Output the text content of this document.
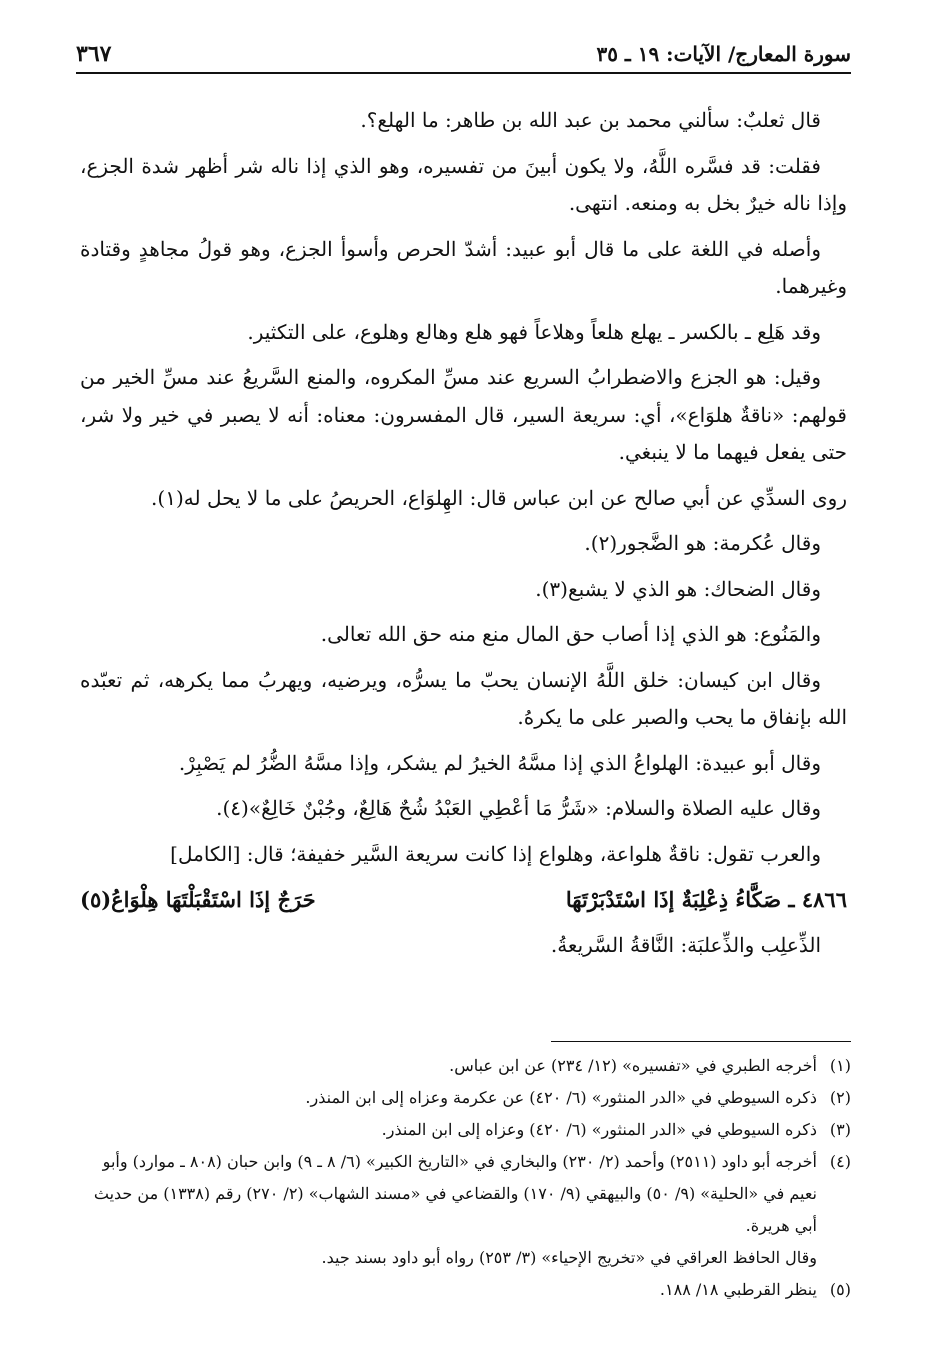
سورة المعارج/ الآيات: ١٩ ـ ٣٥
٣٦٧

قال ثعلبٌ: سألني محمد بن عبد الله بن طاهر: ما الهلع؟.

فقلت: قد فسَّره اللَّهُ، ولا يكون أبينَ من تفسيره، وهو الذي إذا ناله شر أظهر شدة الجزع، وإذا ناله خيرٌ بخل به ومنعه. انتهى.

وأصله في اللغة على ما قال أبو عبيد: أشدّ الحرص وأسوأ الجزع، وهو قولُ مجاهدٍ وقتادة وغيرهما.

وقد هَلِع ـ بالكسر ـ يهلع هلعاً وهلاعاً فهو هلع وهالع وهلوع، على التكثير.

وقيل: هو الجزع والاضطرابُ السريع عند مسِّ المكروه، والمنع السَّريعُ عند مسِّ الخير من قولهم: «ناقةٌ هلوَاع»، أي: سريعة السير، قال المفسرون: معناه: أنه لا يصبر في خير ولا شر، حتى يفعل فيهما ما لا ينبغي.

روى السدِّي عن أبي صالح عن ابن عباس قال: الهِلوَاع، الحريصُ على ما لا يحل له(١).

وقال عُكرمة: هو الضَّجور(٢).

وقال الضحاك: هو الذي لا يشبع(٣).

والمَنُوع: هو الذي إذا أصاب حق المال منع منه حق الله تعالى.

وقال ابن كيسان: خلق اللَّهُ الإنسان يحبّ ما يسرُّه، ويرضيه، ويهربُ مما يكرهه، ثم تعبّده الله بإنفاق ما يحب والصبر على ما يكرهُ.

وقال أبو عبيدة: الهلواعُ الذي إذا مسَّهُ الخيرُ لم يشكر، وإذا مسَّهُ الضُّرُ لم يَصْبِرْ.

وقال عليه الصلاة والسلام: «شَرُّ مَا أعْطِي العَبْدُ شُحٌ هَالِعٌ، وجُبْنٌ خَالِعٌ»(٤).

والعرب تقول: ناقةٌ هلواعة، وهلواع إذا كانت سريعة السَّير خفيفة؛ قال: [الكامل]

٤٨٦٦ ـ صَكَّاءُ ذِعْلِبَةٌ إذَا اسْتَدْبَرْتَهَا
حَرَجٌ إذَا اسْتَقْبَلْتَهَا هِلْوَاعُ(٥)

الذِّعلِب والذِّعلبَة: النَّاقةُ السَّريعةُ.

(١)أخرجه الطبري في «تفسيره» (١٢/ ٢٣٤) عن ابن عباس.

(٢)ذكره السيوطي في «الدر المنثور» (٦/ ٤٢٠) عن عكرمة وعزاه إلى ابن المنذر.

(٣)ذكره السيوطي في «الدر المنثور» (٦/ ٤٢٠) وعزاه إلى ابن المنذر.

(٤)أخرجه أبو داود (٢٥١١) وأحمد (٢/ ٢٣٠) والبخاري في «التاريخ الكبير» (٦/ ٨ ـ ٩) وابن حبان (٨٠٨ ـ موارد) وأبو نعيم في «الحلية» (٩/ ٥٠) والبيهقي (٩/ ١٧٠) والقضاعي في «مسند الشهاب» (٢/ ٢٧٠) رقم (١٣٣٨) من حديث أبي هريرة.

وقال الحافظ العراقي في «تخريج الإحياء» (٣/ ٢٥٣) رواه أبو داود بسند جيد.

(٥)ينظر القرطبي ١٨/ ١٨٨.
